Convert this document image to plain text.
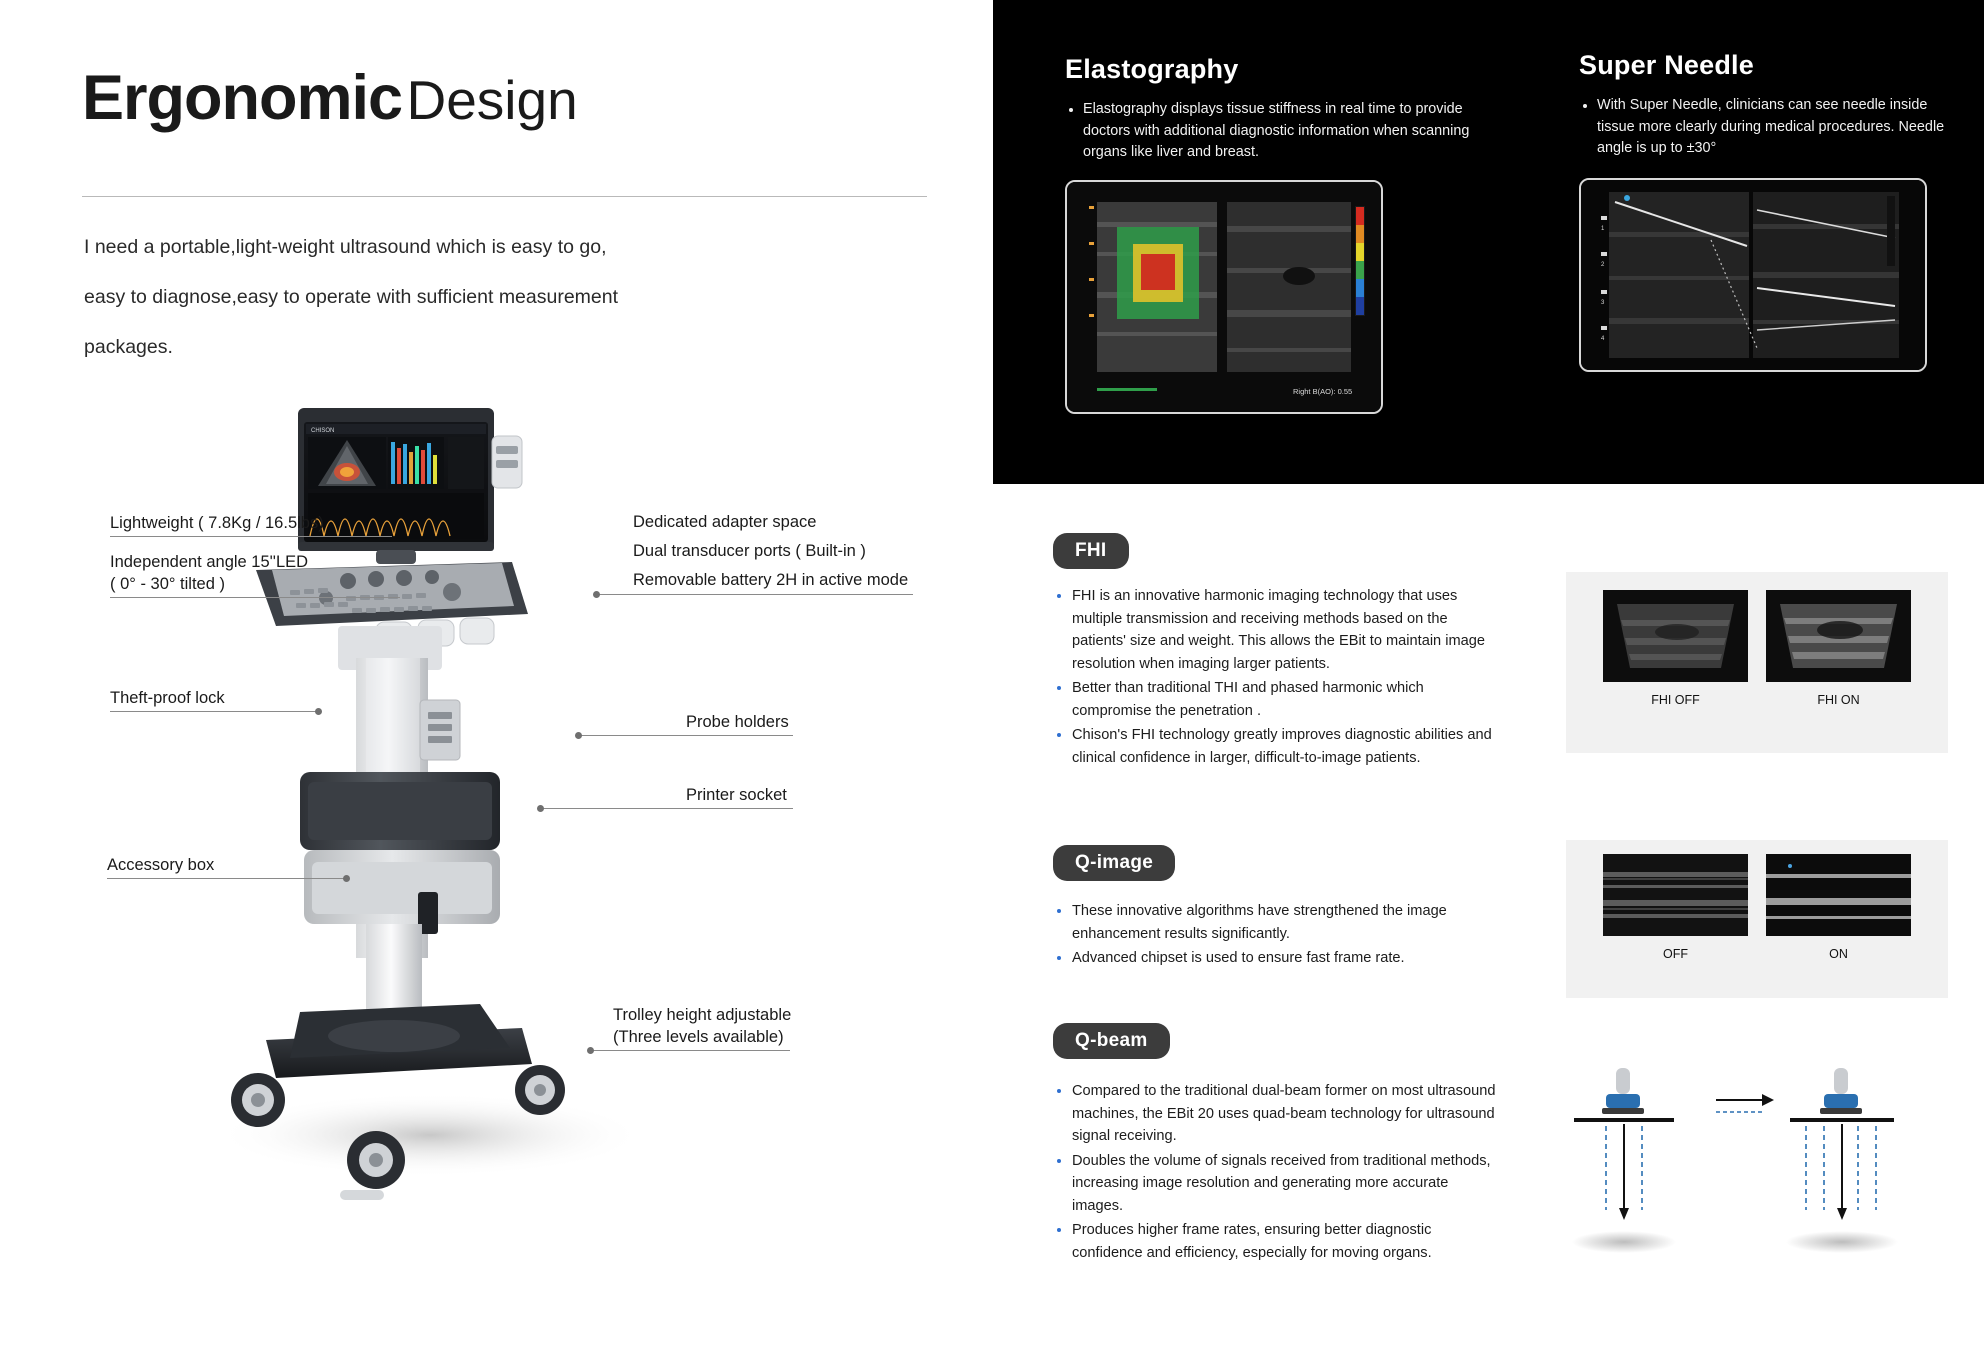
Ergonomic Design
I need a portable,light-weight ultrasound which is easy to go,
easy to diagnose,easy to operate with sufficient measurement
packages.
CHISON
Lightweight ( 7.8Kg / 16.5lbs)
Independent angle 15''LED
( 0° - 30° tilted )
Theft-proof lock
Accessory box
Dedicated adapter space
Dual transducer ports ( Built-in )
Removable battery 2H in active mode
Probe holders
Printer socket
Trolley height adjustable
(Three levels available)
Elastography
• Elastography displays tissue stiffness in real time to provide doctors with additional diagnostic information when scanning organs like liver and breast.
Right B(AO): 0.55
Super Needle
• With Super Needle, clinicians can see needle inside tissue more clearly during medical procedures. Needle angle is up to ±30°
1
2
3
4
FHI
• FHI is an innovative harmonic imaging technology that uses multiple transmission and receiving methods based on the patients' size and weight. This allows the EBit to maintain image resolution when imaging larger patients.
• Better than traditional THI and phased harmonic which compromise the penetration .
• Chison's FHI technology greatly improves diagnostic abilities and clinical confidence in larger, difficult-to-image patients.
FHI OFF	FHI ON
Q-image
• These innovative algorithms have strengthened the image enhancement results significantly.
• Advanced chipset is used to ensure fast frame rate.	OFF	ON
Q-beam
• Compared to the traditional dual-beam former on most ultrasound machines, the EBit 20 uses quad-beam technology for ultrasound signal receiving.
• Doubles the volume of signals received from traditional methods, increasing image resolution and generating more accurate images.
• Produces higher frame rates, ensuring better diagnostic confidence and efficiency, especially for moving organs.
